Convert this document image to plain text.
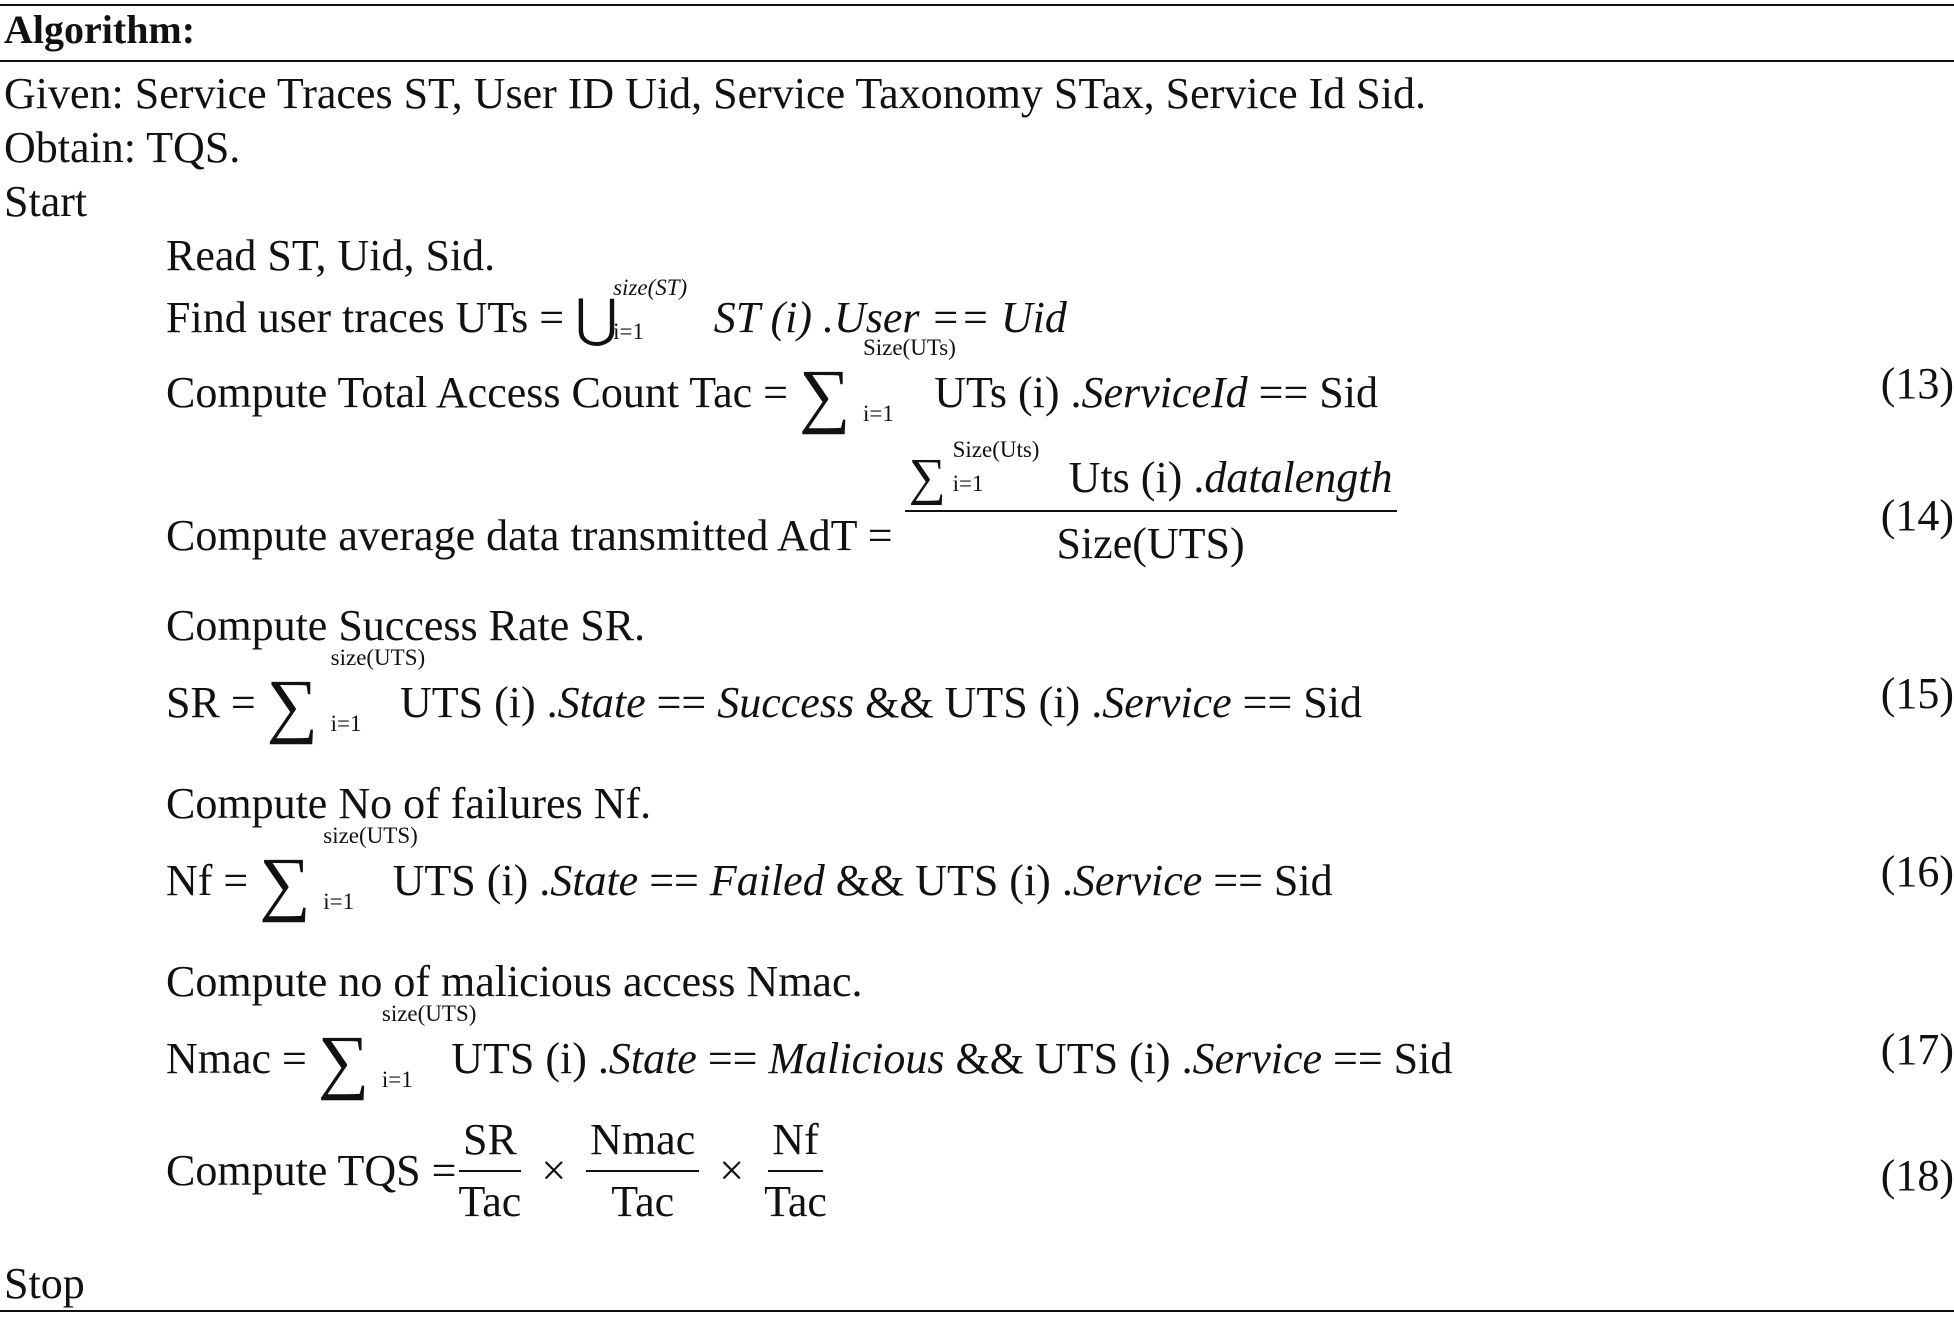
Algorithm:
Given: Service Traces ST, User ID Uid, Service Taxonomy STax, Service Id Sid.
Obtain: TQS.
Start
Read ST, Uid, Sid.
Find user traces UTs = ⋃
size(ST)
i=1 ST (i) .User == Uid
Compute Total Access Count Tac = ∑
Size(UTs)
i=1 UTs (i) .ServiceId == Sid	(13)
Compute average data transmitted AdT =
∑ Size(Uts)
i=1 Uts (i) .datalength
Size(UTS)
(14)
Compute Success Rate SR.
SR = ∑
size(UTS)
i=1 UTS (i) .State == Success && UTS (i) .Service == Sid	(15)
Compute No of failures Nf.
Nf = ∑
size(UTS)
i=1 UTS (i) .State == Failed && UTS (i) .Service == Sid	(16)
Compute no of malicious access Nmac.
Nmac = ∑
size(UTS)
i=1 UTS (i) .State == Malicious && UTS (i) .Service == Sid	(17)
Compute TQS =
SR
Tac
×
Nmac
Tac
×
Nf
Tac
(18)
Stop
